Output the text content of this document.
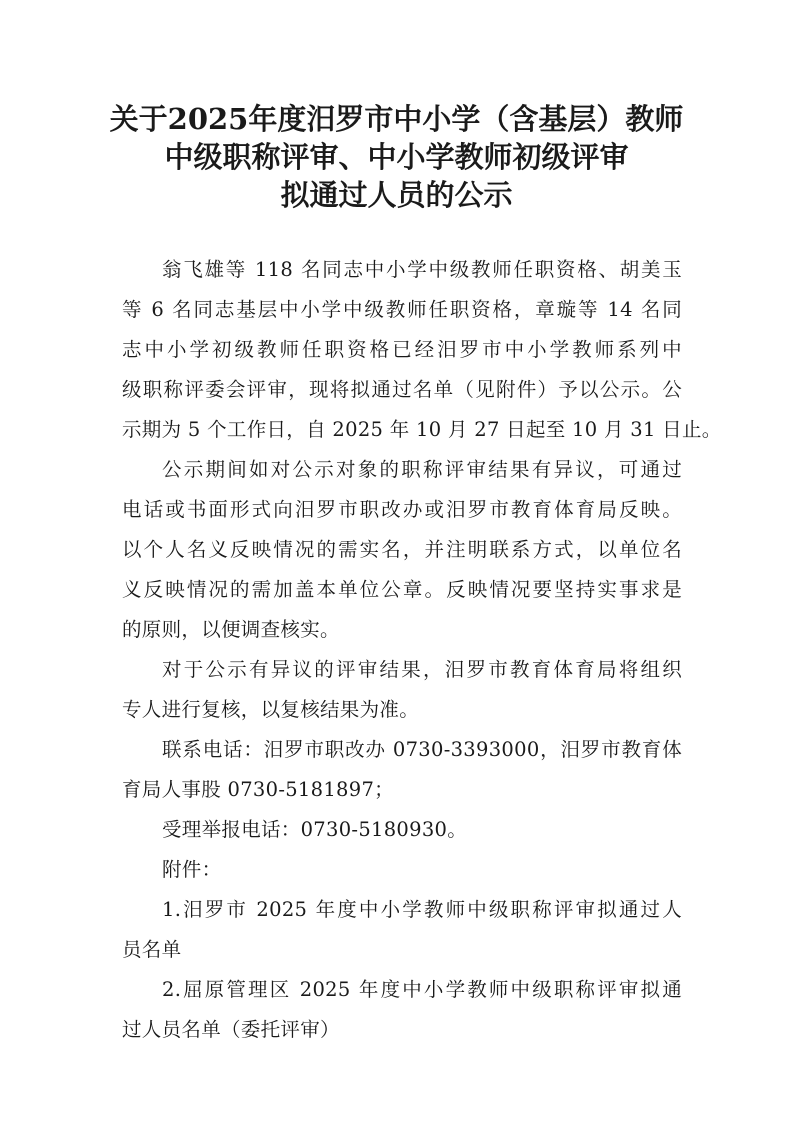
关于2025年度汨罗市中小学（含基层）教师
中级职称评审、中小学教师初级评审
拟通过人员的公示
翁飞雄等 118 名同志中小学中级教师任职资格、胡美玉
等 6 名同志基层中小学中级教师任职资格，章璇等 14 名同
志中小学初级教师任职资格已经汨罗市中小学教师系列中
级职称评委会评审，现将拟通过名单（见附件）予以公示。公
示期为 5 个工作日，自 2025 年 10 月 27 日起至 10 月 31 日止。
公示期间如对公示对象的职称评审结果有异议，可通过
电话或书面形式向汨罗市职改办或汨罗市教育体育局反映。
以个人名义反映情况的需实名，并注明联系方式，以单位名
义反映情况的需加盖本单位公章。反映情况要坚持实事求是
的原则，以便调查核实。
对于公示有异议的评审结果，汨罗市教育体育局将组织
专人进行复核，以复核结果为准。
联系电话：汨罗市职改办 0730-3393000，汨罗市教育体
育局人事股 0730-5181897；
受理举报电话：0730-5180930。
附件：
1.汨罗市 2025 年度中小学教师中级职称评审拟通过人
员名单
2.屈原管理区 2025 年度中小学教师中级职称评审拟通
过人员名单（委托评审）
